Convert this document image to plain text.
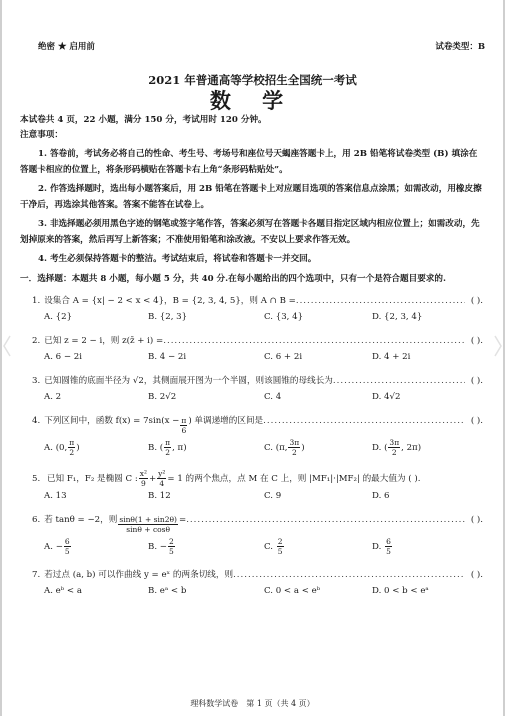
绝密 ★ 启用前	试卷类型：B
2021 年普通高等学校招生全国统一考试
数 学
本试卷共 4 页，22 小题，满分 150 分，考试用时 120 分钟。
注意事项：

1. 答卷前，考试务必将自己的性命、考生号、考场号和座位号天蝎座答题卡上，用 2B 铅笔将试卷类型 (B) 填涂在答题卡相应的位置上，将条形码横贴在答题卡右上角“条形码粘贴处”。

2. 作答选择题时，选出每小题答案后，用 2B 铅笔在答题卡上对应题目选项的答案信息点涂黑；如需改动，用橡皮擦干净后，再选涂其他答案。答案不能答在试卷上。

3. 非选择题必须用黑色字迹的钢笔或签字笔作答，答案必须写在答题卡各题目指定区域内相应位置上；如需改动，先划掉原来的答案，然后再写上新答案；不准使用铅笔和涂改液。不安以上要求作答无效。

4. 考生必须保持答题卡的整洁。考试结束后，将试卷和答题卡一并交回。

一．选择题：本题共 8 小题，每小题 5 分，共 40 分.在每小题给出的四个选项中，只有一个是符合题目要求的.
1. 设集合 A = {x| − 2 < x < 4}，B = {2, 3, 4, 5}，则 A ∩ B = .....	( ).
A. {2}	B. {2, 3}	C. {3, 4}	D. {2, 3, 4}
2. 已知 z = 2 − i，则 z(z̄ + i) = .....	( ).
A. 6 − 2i	B. 4 − 2i	C. 6 + 2i	D. 4 + 2i
3. 已知圆锥的底面半径为 √2，其侧面展开图为一个半圆，则该圆锥的母线长为 .....	( ).
A. 2	B. 2√2	C. 4	D. 4√2
4. 下列区间中，函数 $f(x) = 7\sin(x - \frac{\pi}{6}$ ) 单调递增的区间是 .....	( ).
A. (0, $\frac{\pi}{2}$ )	B. ( $\frac{\pi}{2}$ , π)	C. (π, $\frac{3\pi}{2}$ )	D. ( $\frac{3\pi}{2}$ , 2π)
5. 已知 F₁，F₂ 是椭圆 C : $\frac{\text{x²}}{9} + \frac{\text{y²}}{4} = 1$ 的两个焦点，点 M 在 C 上，则 |MF₁|·|MF₂| 的最大值为 ( ).
A. 13	B. 12	C. 9	D. 6
6. 若 tanθ = −2，则 $\frac{\sin\theta(1 + \sin 2\theta)}{\sin\theta + \cos\theta}$ = .....	( ).
A. − $\frac{6}{5}$	B. − $\frac{2}{5}$	C. $\frac{2}{5}$	D. $\frac{6}{5}$
7. 若过点 (a, b) 可以作曲线 y = eˣ 的两条切线，则 .....	( ).
A. eᵇ < a	B. eᵃ < b	C. 0 < a < eᵇ	D. 0 < b < eᵃ
理科数学试卷　第 1 页（共 4 页）
